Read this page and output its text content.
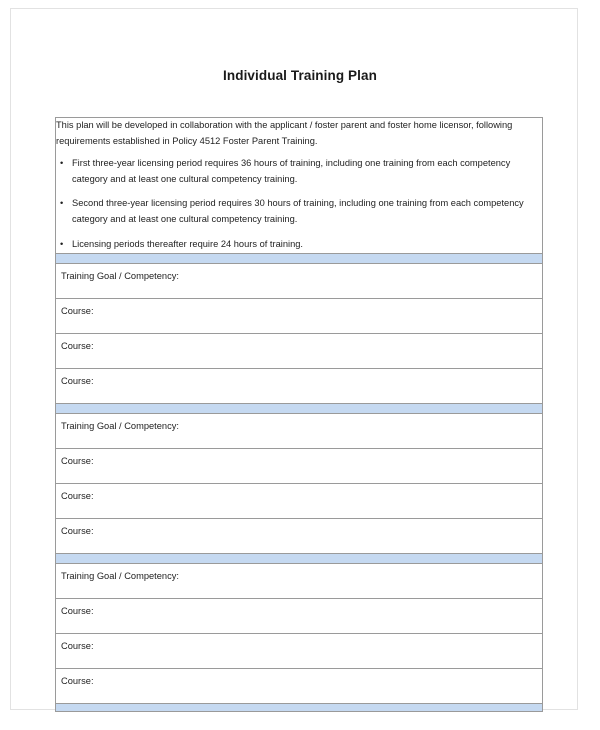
Individual Training Plan

This plan will be developed in collaboration with the applicant / foster parent and foster home licensor, following requirements established in Policy 4512 Foster Parent Training.

• First three-year licensing period requires 36 hours of training, including one training from each competency category and at least one cultural competency training.
• Second three-year licensing period requires 30 hours of training, including one training from each competency category and at least one cultural competency training.
• Licensing periods thereafter require 24 hours of training.

Training Goal / Competency:
Course:
Course:
Course:

Training Goal / Competency:
Course:
Course:
Course:

Training Goal / Competency:
Course:
Course:
Course:
